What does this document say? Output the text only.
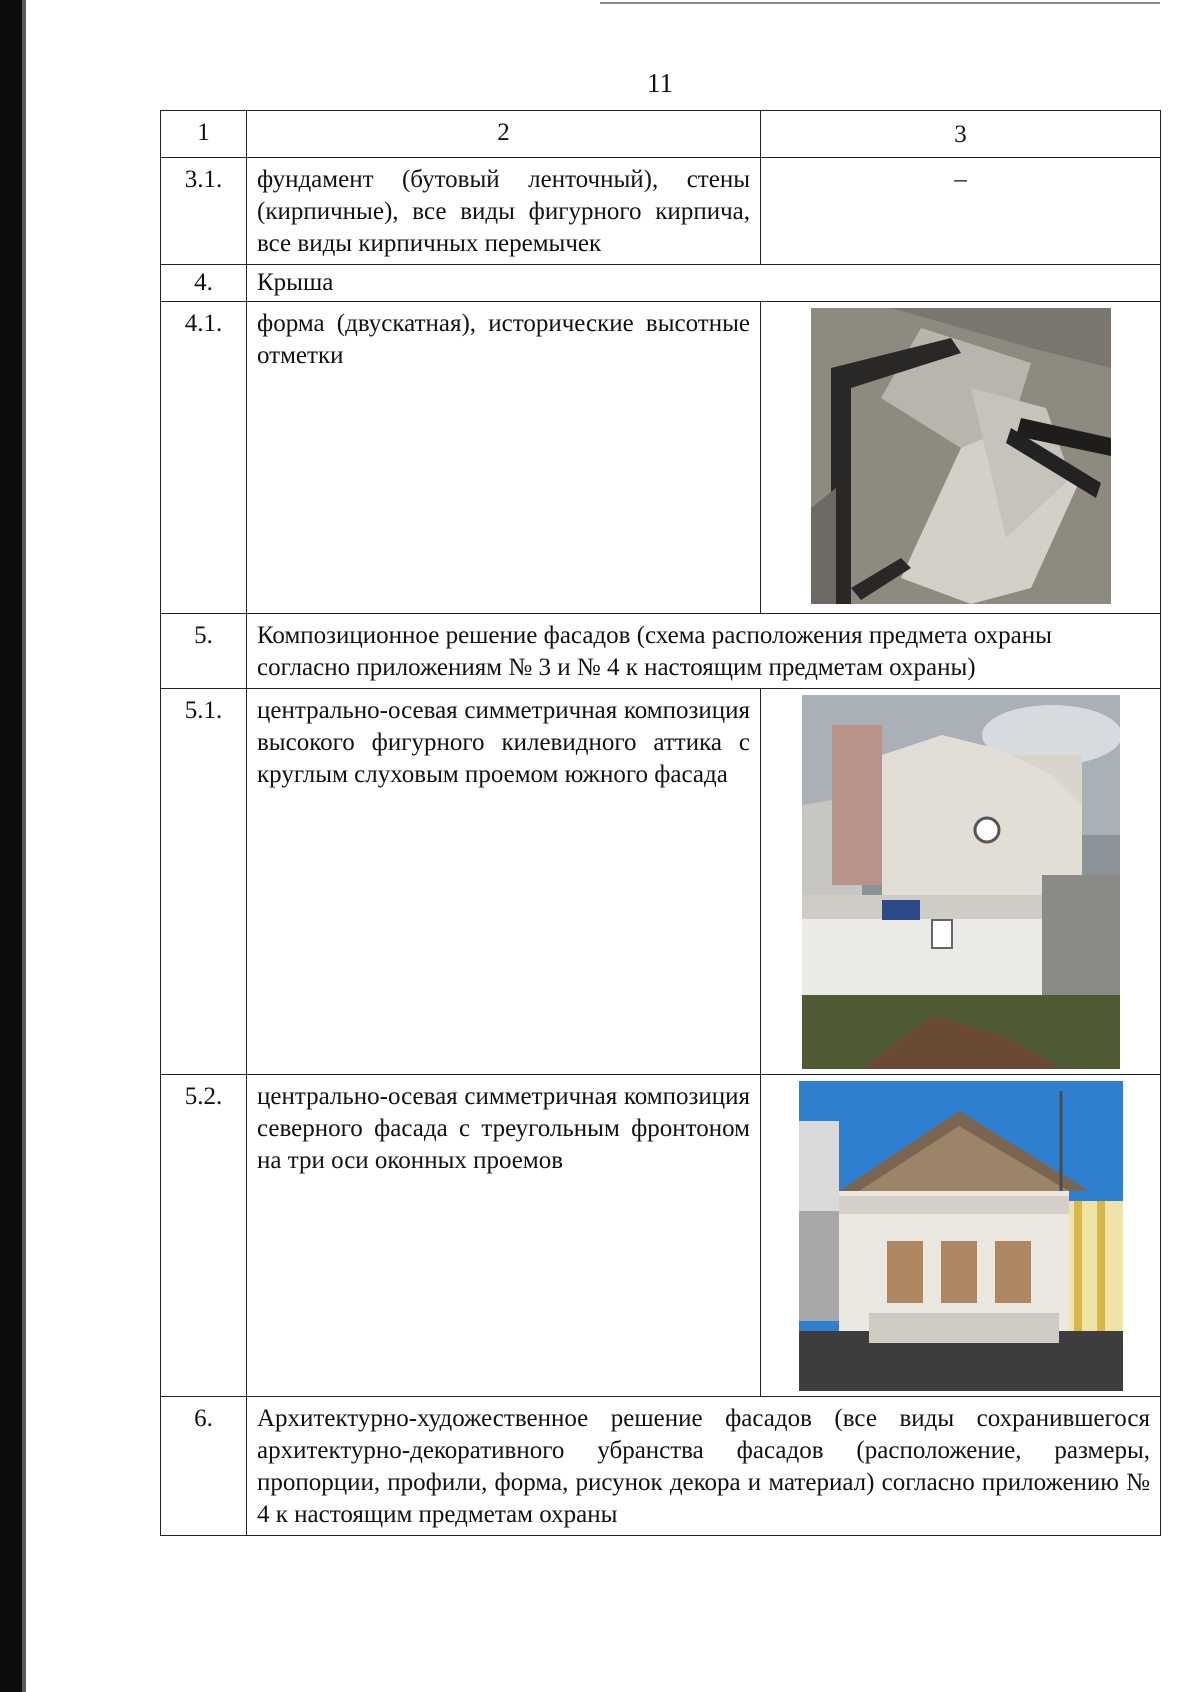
11
1	2	3
3.1.	фундамент (бутовый ленточный), стены (кирпичные), все виды фигурного кирпича, все виды кирпичных перемычек	–

4.	Крыша	
4.1.	форма (двускатная), исторические высотные отметки	

5.	Композиционное решение фасадов (схема расположения предмета охраны согласно приложениям № 3 и № 4 к настоящим предметам охраны)	
5.1.	центрально-осевая симметричная композиция высокого фигурного килевидного аттика с круглым слуховым проемом южного фасада	

5.2.	центрально-осевая симметричная композиция северного фасада с треугольным фронтоном на три оси оконных проемов	

6.	Архитектурно-художественное решение фасадов (все виды сохранившегося архитектурно-декоративного убранства фасадов (расположение, размеры, пропорции, профили, форма, рисунок декора и материал) согласно приложению № 4 к настоящим предметам охраны	
